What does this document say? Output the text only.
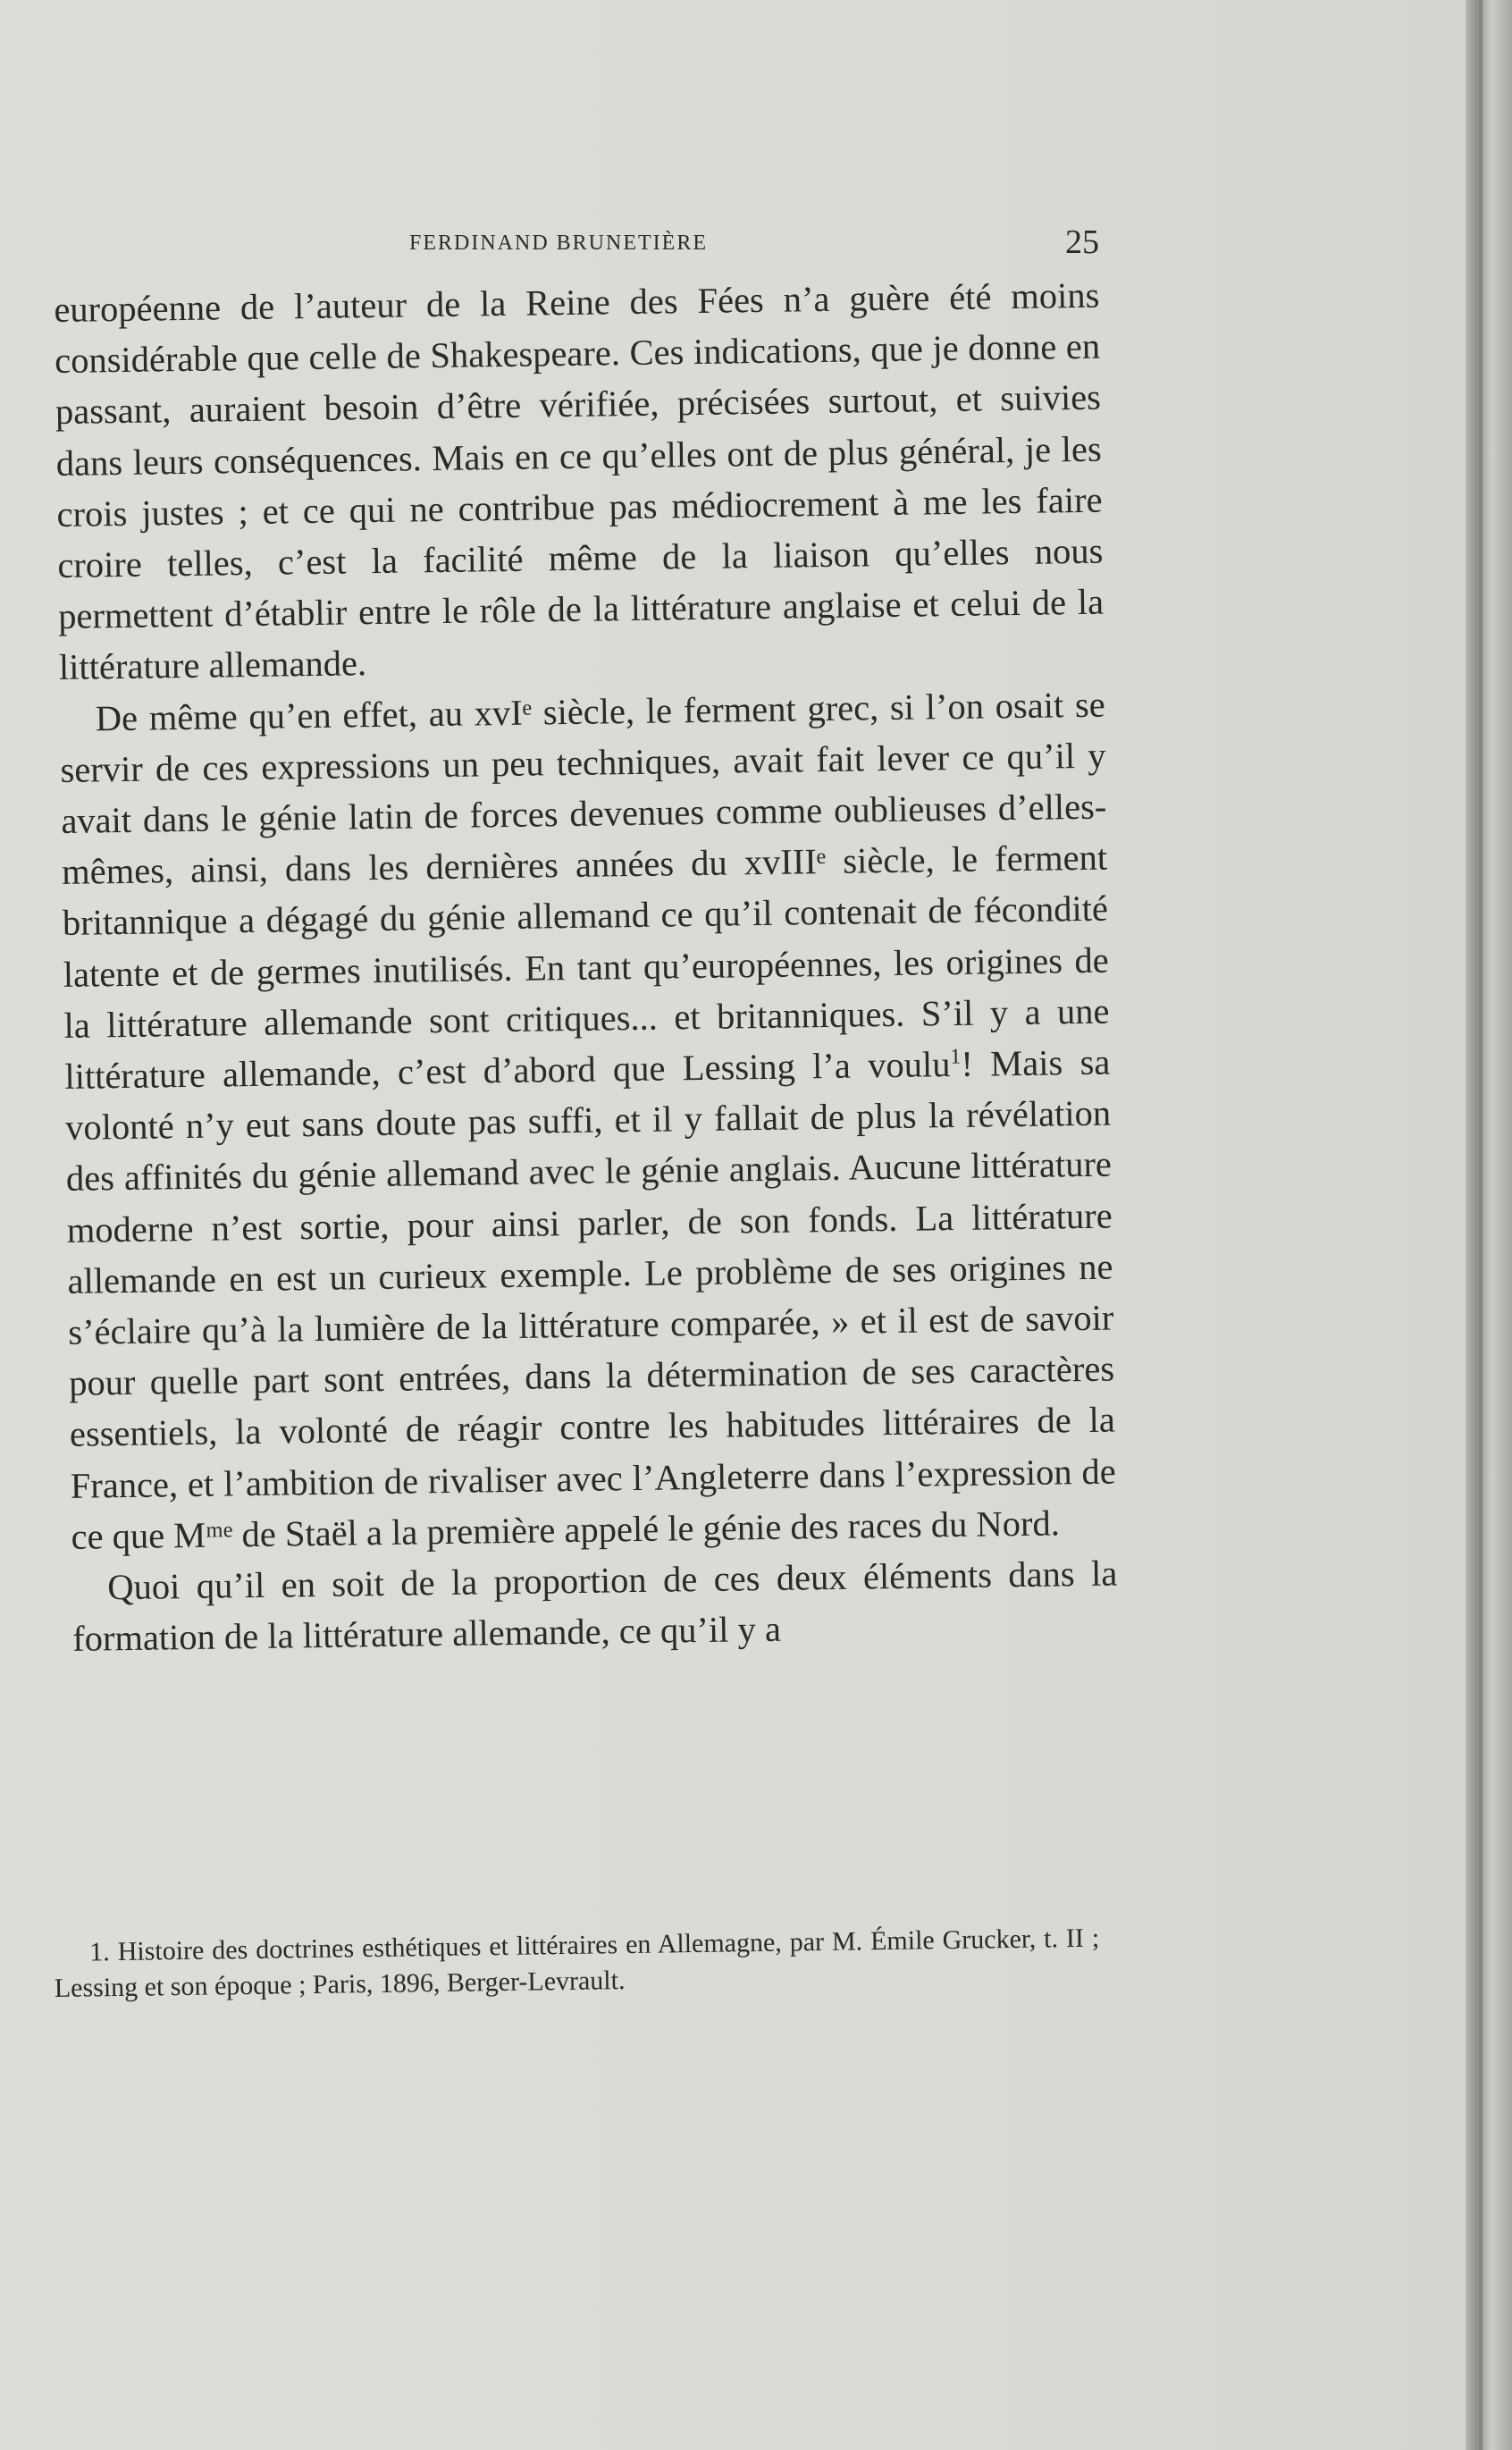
FERDINAND BRUNETIÈRE	25

européenne de l’auteur de la Reine des Fées n’a guère été moins considérable que celle de Shakespeare. Ces indications, que je donne en passant, auraient besoin d’être vérifiée, précisées surtout, et suivies dans leurs conséquences. Mais en ce qu’elles ont de plus général, je les crois justes ; et ce qui ne contribue pas médiocrement à me les faire croire telles, c’est la facilité même de la liaison qu’elles nous permettent d’établir entre le rôle de la littérature anglaise et celui de la littérature allemande.

De même qu’en effet, au xvIᵉ siècle, le ferment grec, si l’on osait se servir de ces expressions un peu techniques, avait fait lever ce qu’il y avait dans le génie latin de forces devenues comme oublieuses d’elles-mêmes, ainsi, dans les dernières années du xvIIIᵉ siècle, le ferment britannique a dégagé du génie allemand ce qu’il contenait de fécondité latente et de germes inutilisés. En tant qu’européennes, les origines de la littérature allemande sont critiques... et britanniques. S’il y a une littérature allemande, c’est d’abord que Lessing l’a voulu$^1$! Mais sa volonté n’y eut sans doute pas suffi, et il y fallait de plus la révélation des affinités du génie allemand avec le génie anglais. Aucune littérature moderne n’est sortie, pour ainsi parler, de son fonds. La littérature allemande en est un curieux exemple. Le problème de ses origines ne s’éclaire qu’à la lumière de la littérature comparée, » et il est de savoir pour quelle part sont entrées, dans la détermination de ses caractères essentiels, la volonté de réagir contre les habitudes littéraires de la France, et l’ambition de rivaliser avec l’Angleterre dans l’expression de ce que Mᵐᵉ de Staël a la première appelé le génie des races du Nord.

Quoi qu’il en soit de la proportion de ces deux éléments dans la formation de la littérature allemande, ce qu’il y a

1. Histoire des doctrines esthétiques et littéraires en Allemagne, par M. Émile Grucker, t. II ; Lessing et son époque ; Paris, 1896, Berger-Levrault.
